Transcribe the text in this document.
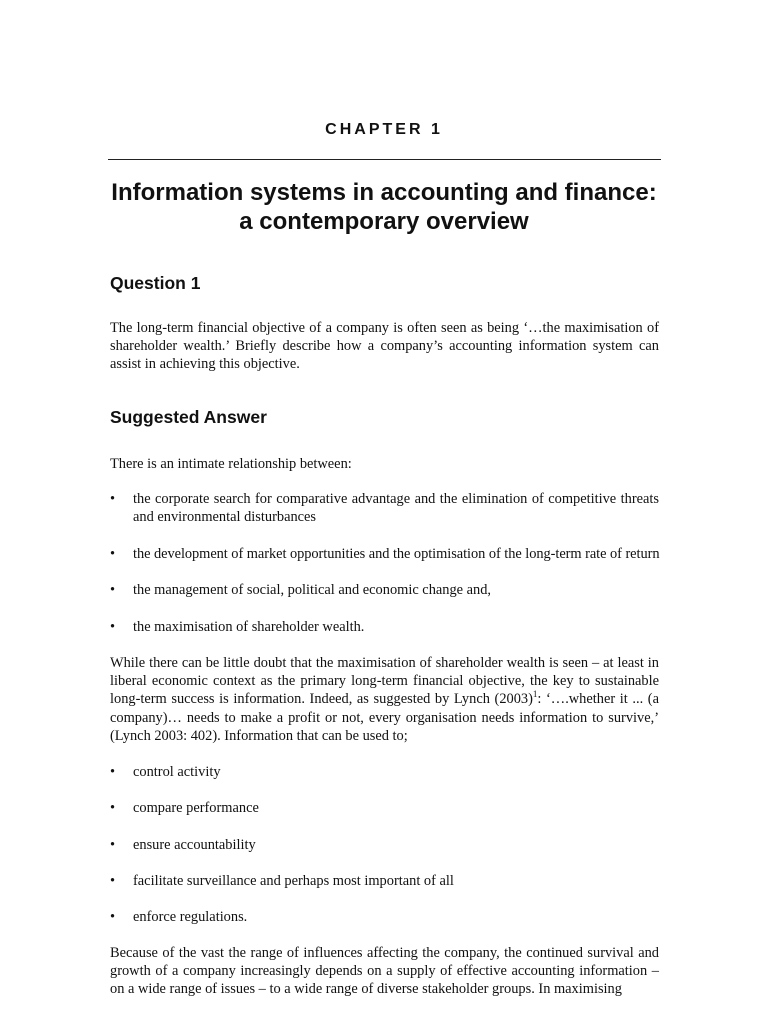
CHAPTER 1
Information systems in accounting and finance:
a contemporary overview
Question 1

The long-term financial objective of a company is often seen as being ‘…the maximisation of shareholder wealth.’ Briefly describe how a company’s accounting information system can assist in achieving this objective.

Suggested Answer

There is an intimate relationship between:

•	the corporate search for comparative advantage and the elimination of competitive threats and environmental disturbances
•	the development of market opportunities and the optimisation of the long-term rate of return
•	the management of social, political and economic change and,
•	the maximisation of shareholder wealth.

While there can be little doubt that the maximisation of shareholder wealth is seen – at least in liberal economic context as the primary long-term financial objective, the key to sustainable long-term success is information. Indeed, as suggested by Lynch $(2003)^1$: ‘….whether it ... (a company)… needs to make a profit or not, every organisation needs information to survive,’ (Lynch 2003: 402). Information that can be used to;

•	control activity
•	compare performance
•	ensure accountability
•	facilitate surveillance and perhaps most important of all
•	enforce regulations.

Because of the vast the range of influences affecting the company, the continued survival and growth of a company increasingly depends on a supply of effective accounting information – on a wide range of issues – to a wide range of diverse stakeholder groups. In maximising
